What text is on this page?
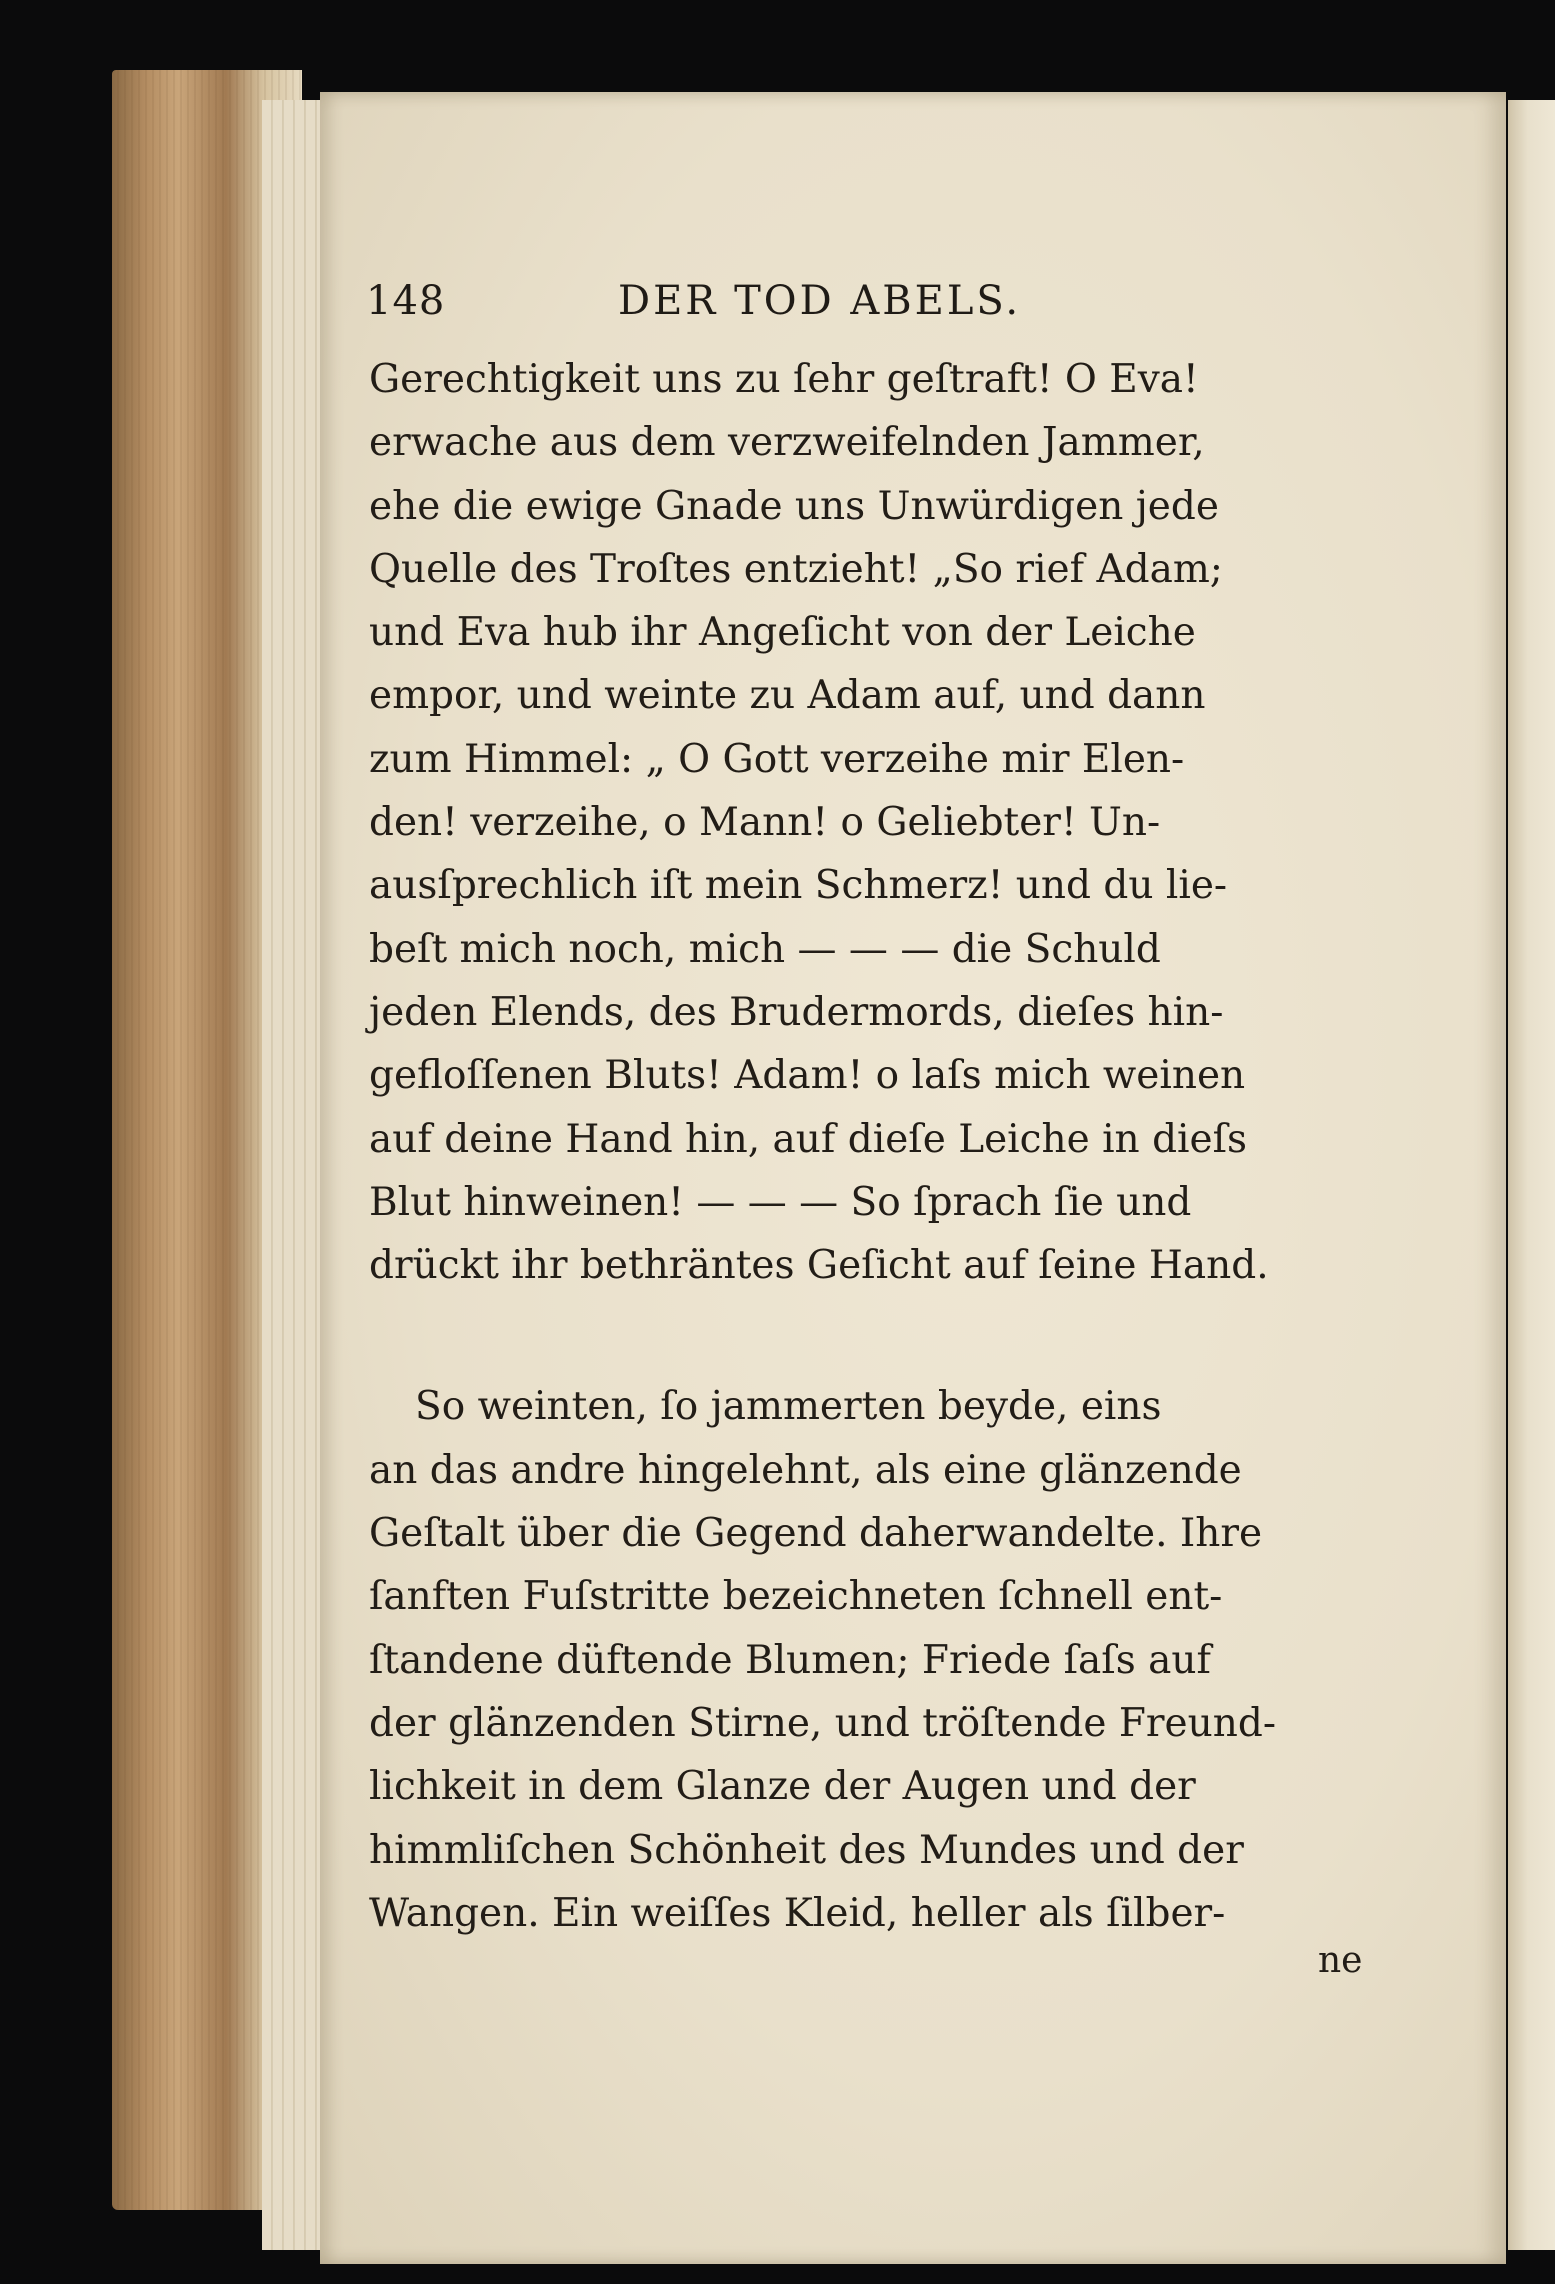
148	DER TOD ABELS.
Gerechtigkeit uns zu ſehr geſtraft! O Eva!
erwache aus dem verzweifelnden Jammer,
ehe die ewige Gnade uns Unwürdigen jede
Quelle des Troſtes entzieht! „So rief Adam;
und Eva hub ihr Angeſicht von der Leiche
empor, und weinte zu Adam auf, und dann
zum Himmel: „ O Gott verzeihe mir Elen-
den! verzeihe, o Mann! o Geliebter! Un-
ausſprechlich iſt mein Schmerz! und du lie-
beſt mich noch, mich — — — die Schuld
jeden Elends, des Brudermords, dieſes hin-
gefloſſenen Bluts! Adam! o laſs mich weinen
auf deine Hand hin, auf dieſe Leiche in dieſs
Blut hinweinen! — — — So ſprach ſie und
drückt ihr bethräntes Geſicht auf ſeine Hand.
So weinten, ſo jammerten beyde, eins
an das andre hingelehnt, als eine glänzende
Geſtalt über die Gegend daherwandelte. Ihre
ſanften Fuſstritte bezeichneten ſchnell ent-
ſtandene düftende Blumen; Friede ſaſs auf
der glänzenden Stirne, und tröſtende Freund-
lichkeit in dem Glanze der Augen und der
himmliſchen Schönheit des Mundes und der
Wangen. Ein weiſſes Kleid, heller als ſilber-
ne
